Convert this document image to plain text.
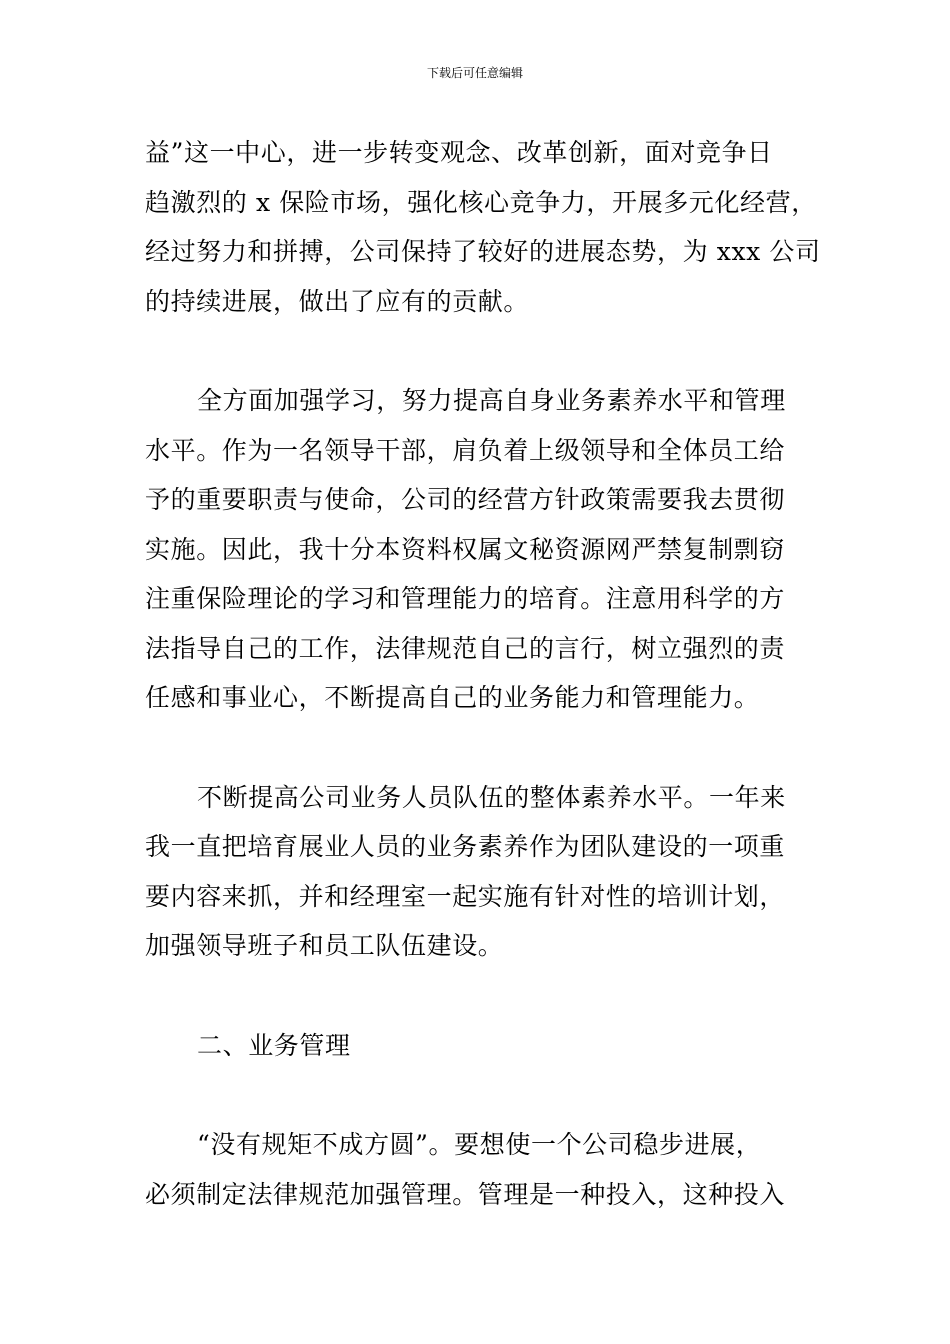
下载后可任意编辑

益”这一中心，进一步转变观念、改革创新，面对竞争日
趋激烈的 x 保险市场，强化核心竞争力，开展多元化经营，
经过努力和拼搏，公司保持了较好的进展态势，为 xxx 公司
的持续进展，做出了应有的贡献。

全方面加强学习，努力提高自身业务素养水平和管理
水平。作为一名领导干部，肩负着上级领导和全体员工给
予的重要职责与使命，公司的经营方针政策需要我去贯彻
实施。因此，我十分本资料权属文秘资源网严禁复制剽窃
注重保险理论的学习和管理能力的培育。注意用科学的方
法指导自己的工作，法律规范自己的言行，树立强烈的责
任感和事业心，不断提高自己的业务能力和管理能力。

不断提高公司业务人员队伍的整体素养水平。一年来
我一直把培育展业人员的业务素养作为团队建设的一项重
要内容来抓，并和经理室一起实施有针对性的培训计划，
加强领导班子和员工队伍建设。

二、业务管理

“没有规矩不成方圆”。要想使一个公司稳步进展，
必须制定法律规范加强管理。管理是一种投入，这种投入
